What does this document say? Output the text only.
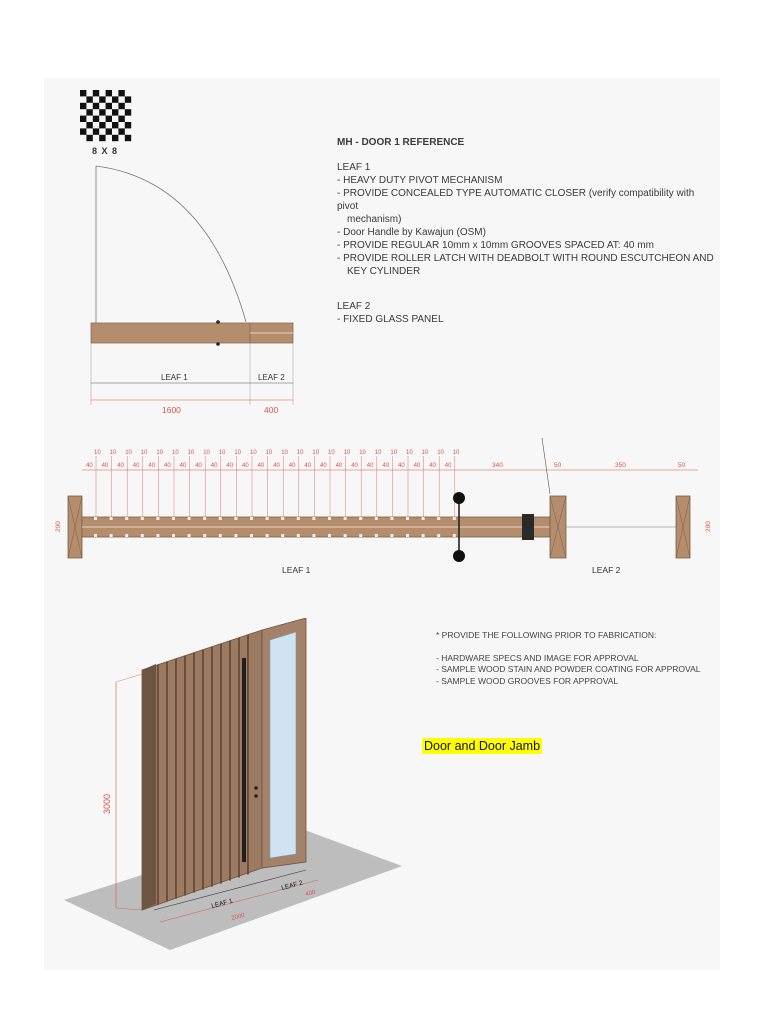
8 X 8
MH - DOOR 1 REFERENCE
LEAF 1
- HEAVY DUTY PIVOT MECHANISM
- PROVIDE CONCEALED TYPE AUTOMATIC CLOSER (verify compatibility with pivot
mechanism)
- Door Handle by Kawajun (OSM)
- PROVIDE REGULAR 10mm x 10mm GROOVES SPACED AT: 40 mm
- PROVIDE ROLLER LATCH WITH DEADBOLT WITH ROUND ESCUTCHEON AND
KEY CYLINDER
LEAF 2
- FIXED GLASS PANEL
LEAF 1	LEAF 2
1600	400
10
40
10
40
10
40
10
40
10
40
10
40
10
40
10
40
10
40
10
40
10
40
10
40
10
40
10
40
10
40
10
40
10
40
10
40
10
40
10
40
10
40
10
40
10
40
10
40	340	50	350	50
200	200
LEAF 1	LEAF 2
3000
LEAF 1
LEAF 2
2000
400
* PROVIDE THE FOLLOWING PRIOR TO FABRICATION:
- HARDWARE SPECS AND IMAGE FOR APPROVAL
- SAMPLE WOOD STAIN AND POWDER COATING FOR APPROVAL
- SAMPLE WOOD GROOVES FOR APPROVAL
Door and Door Jamb
